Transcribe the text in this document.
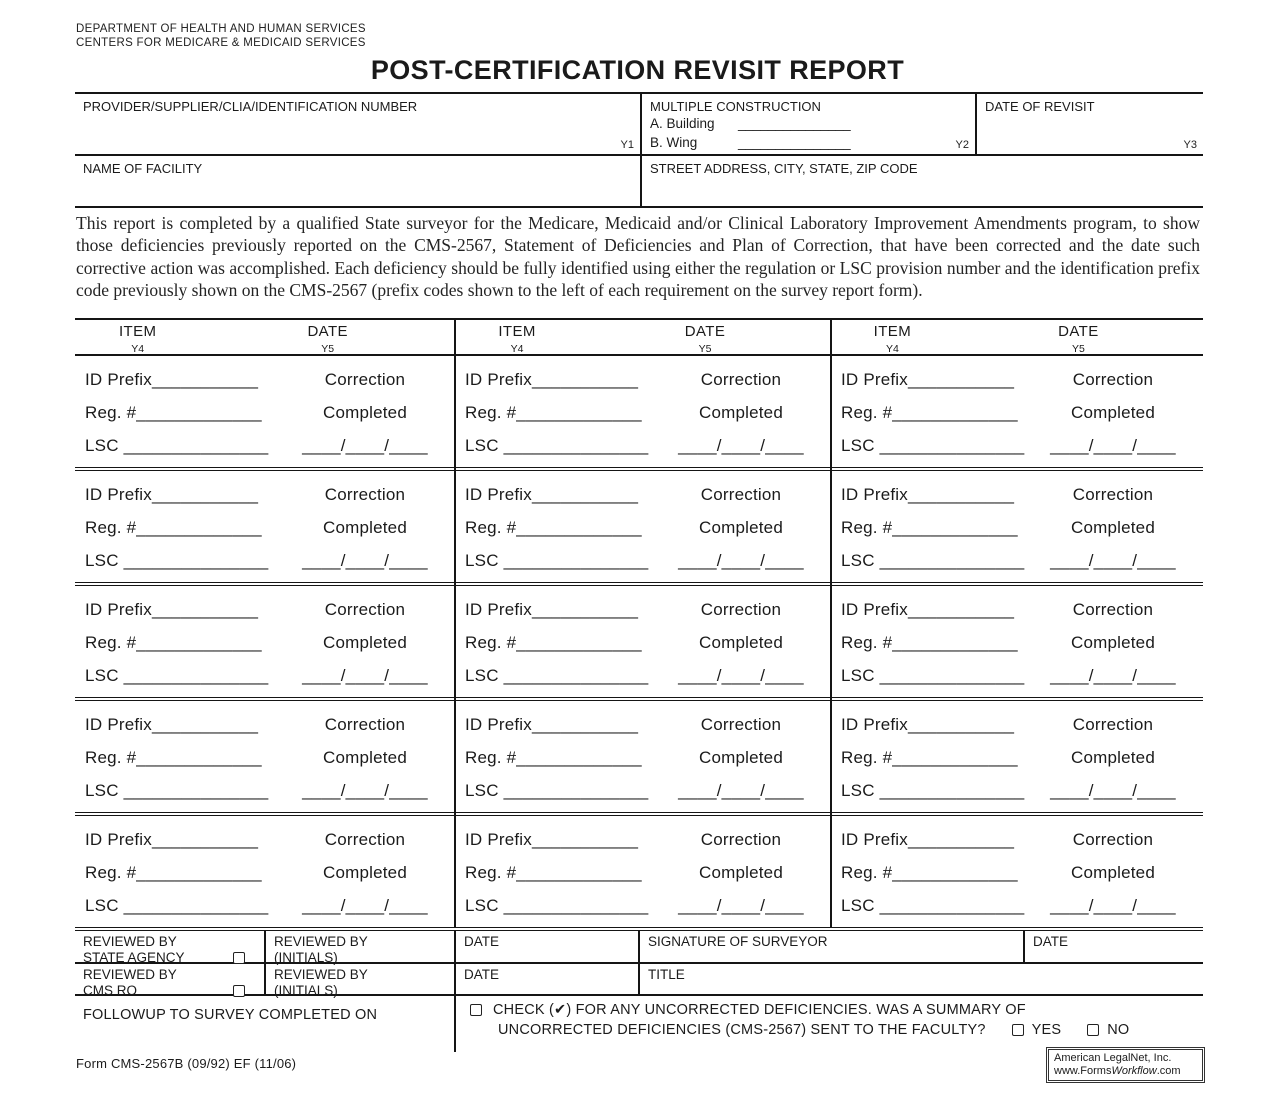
DEPARTMENT OF HEALTH AND HUMAN SERVICES
CENTERS FOR MEDICARE & MEDICAID SERVICES
POST-CERTIFICATION REVISIT REPORT
PROVIDER/SUPPLIER/CLIA/IDENTIFICATION NUMBER
Y1
MULTIPLE CONSTRUCTION
A. Building _______________
B. Wing	_______________	Y2
DATE OF REVISIT
Y3
NAME OF FACILITY	STREET ADDRESS, CITY, STATE, ZIP CODE

This report is completed by a qualified State surveyor for the Medicare, Medicaid and/or Clinical Laboratory Improvement Amendments program, to show those deficiencies previously reported on the CMS-2567, Statement of Deficiencies and Plan of Correction, that have been corrected and the date such corrective action was accomplished. Each deficiency should be fully identified using either the regulation or LSC provision number and the identification prefix code previously shown on the CMS-2567 (prefix codes shown to the left of each requirement on the survey report form).

ITEM	DATE
Y4	Y5
ITEM	DATE
Y4	Y5
ITEM	DATE
Y4	Y5
ID Prefix___________	Correction
Reg. #_____________	Completed
LSC _______________	____/____/____
ID Prefix___________	Correction
Reg. #_____________	Completed
LSC _______________	____/____/____
ID Prefix___________	Correction
Reg. #_____________	Completed
LSC _______________	____/____/____
ID Prefix___________	Correction
Reg. #_____________	Completed
LSC _______________	____/____/____
ID Prefix___________	Correction
Reg. #_____________	Completed
LSC _______________	____/____/____
ID Prefix___________	Correction
Reg. #_____________	Completed
LSC _______________	____/____/____
ID Prefix___________	Correction
Reg. #_____________	Completed
LSC _______________	____/____/____
ID Prefix___________	Correction
Reg. #_____________	Completed
LSC _______________	____/____/____
ID Prefix___________	Correction
Reg. #_____________	Completed
LSC _______________	____/____/____
ID Prefix___________	Correction
Reg. #_____________	Completed
LSC _______________	____/____/____
ID Prefix___________	Correction
Reg. #_____________	Completed
LSC _______________	____/____/____
ID Prefix___________	Correction
Reg. #_____________	Completed
LSC _______________	____/____/____
ID Prefix___________	Correction
Reg. #_____________	Completed
LSC _______________	____/____/____
ID Prefix___________	Correction
Reg. #_____________	Completed
LSC _______________	____/____/____
ID Prefix___________	Correction
Reg. #_____________	Completed
LSC _______________	____/____/____
REVIEWED BY
STATE AGENCY
REVIEWED BY
(INITIALS)
DATE	SIGNATURE OF SURVEYOR	DATE
REVIEWED BY
CMS RO
REVIEWED BY
(INITIALS)
DATE	TITLE
FOLLOWUP TO SURVEY COMPLETED ON	CHECK (✔) FOR ANY UNCORRECTED DEFICIENCIES. WAS A SUMMARY OF
UNCORRECTED DEFICIENCIES (CMS-2567) SENT TO THE FACULTY?	YES	NO
Form CMS-2567B (09/92) EF (11/06)	American LegalNet, Inc.
www.FormsWorkflow.com
